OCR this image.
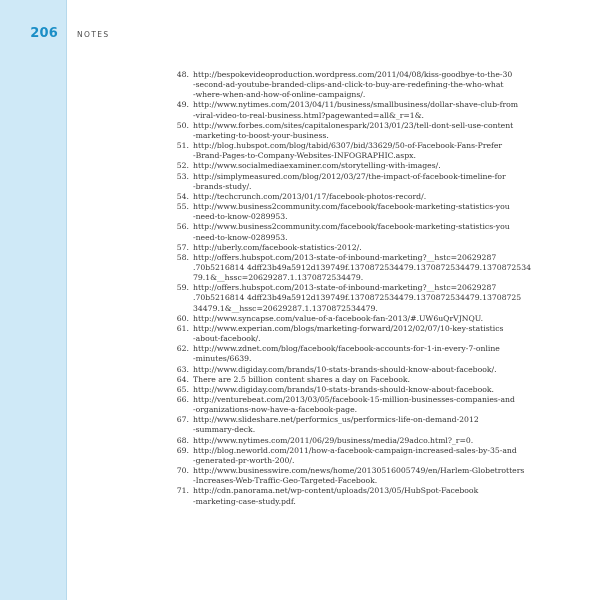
206	NOTES
48. http://bespokevideoproduction.wordpress.com/2011/04/08/kiss-goodbye-to-the-30
-second-ad-youtube-branded-clips-and-click-to-buy-are-redefining-the-who-what
-where-when-and-how-of-online-campaigns/.
49. http://www.nytimes.com/2013/04/11/business/smallbusiness/dollar-shave-club-from
-viral-video-to-real-business.html?pagewanted=all&_r=1&.
50. http://www.forbes.com/sites/capitalonespark/2013/01/23/tell-dont-sell-use-content
-marketing-to-boost-your-business.
51. http://blog.hubspot.com/blog/tabid/6307/bid/33629/50-of-Facebook-Fans-Prefer
-Brand-Pages-to-Company-Websites-INFOGRAPHIC.aspx.
52. http://www.socialmediaexaminer.com/storytelling-with-images/.
53. http://simplymeasured.com/blog/2012/03/27/the-impact-of-facebook-timeline-for
-brands-study/.
54. http://techcrunch.com/2013/01/17/facebook-photos-record/.
55. http://www.business2community.com/facebook/facebook-marketing-statistics-you
-need-to-know-0289953.
56. http://www.business2community.com/facebook/facebook-marketing-statistics-you
-need-to-know-0289953.
57. http://uberly.com/facebook-statistics-2012/.
58. http://offers.hubspot.com/2013-state-of-inbound-marketing?__hstc=20629287
.70b5216814 4dff23b49a5912d139749f.1370872534479.1370872534479.1370872534
79.1&__hssc=20629287.1.1370872534479.
59. http://offers.hubspot.com/2013-state-of-inbound-marketing?__hstc=20629287
.70b5216814 4dff23b49a5912d139749f.1370872534479.1370872534479.13708725
34479.1&__hssc=20629287.1.1370872534479.
60. http://www.syncapse.com/value-of-a-facebook-fan-2013/#.UW6uQrVJNQU.
61. http://www.experian.com/blogs/marketing-forward/2012/02/07/10-key-statistics
-about-facebook/.
62. http://www.zdnet.com/blog/facebook/facebook-accounts-for-1-in-every-7-online
-minutes/6639.
63. http://www.digiday.com/brands/10-stats-brands-should-know-about-facebook/.
64. There are 2.5 billion content shares a day on Facebook.
65. http://www.digiday.com/brands/10-stats-brands-should-know-about-facebook.
66. http://venturebeat.com/2013/03/05/facebook-15-million-businesses-companies-and
-organizations-now-have-a-facebook-page.
67. http://www.slideshare.net/performics_us/performics-life-on-demand-2012
-summary-deck.
68. http://www.nytimes.com/2011/06/29/business/media/29adco.html?_r=0.
69. http://blog.neworld.com/2011/how-a-facebook-campaign-increased-sales-by-35-and
-generated-pr-worth-200/.
70. http://www.businesswire.com/news/home/20130516005749/en/Harlem-Globetrotters
-Increases-Web-Traffic-Geo-Targeted-Facebook.
71. http://cdn.panorama.net/wp-content/uploads/2013/05/HubSpot-Facebook
-marketing-case-study.pdf.
